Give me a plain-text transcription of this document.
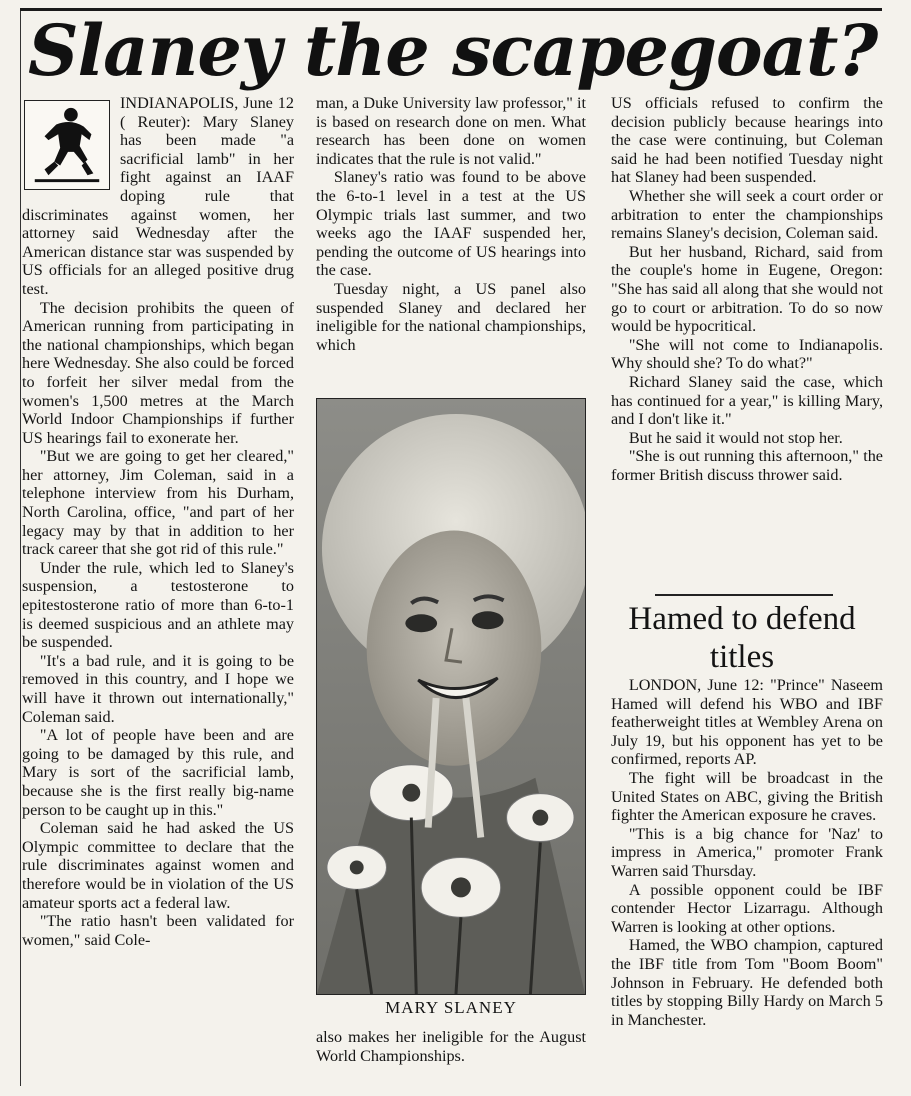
Slaney the scapegoat?

INDIANAPOLIS, June 12 ( Reuter): Mary Slaney has been made "a sacrificial lamb" in her fight against an IAAF doping rule that discriminates against women, her attorney said Wednesday after the American distance star was suspended by US officials for an alleged positive drug test.

The decision prohibits the queen of American running from participating in the national championships, which began here Wednesday. She also could be forced to forfeit her silver medal from the women's 1,500 metres at the March World Indoor Championships if further US hearings fail to exonerate her.

"But we are going to get her cleared," her attorney, Jim Coleman, said in a telephone interview from his Durham, North Carolina, office, "and part of her legacy may by that in addition to her track career that she got rid of this rule."

Under the rule, which led to Slaney's suspension, a testosterone to epitestosterone ratio of more than 6-to-1 is deemed suspicious and an athlete may be suspended.

"It's a bad rule, and it is going to be removed in this country, and I hope we will have it thrown out internationally," Coleman said.

"A lot of people have been and are going to be damaged by this rule, and Mary is sort of the sacrificial lamb, because she is the first really big-name person to be caught up in this."

Coleman said he had asked the US Olympic committee to declare that the rule discriminates against women and therefore would be in violation of the US amateur sports act a federal law.

"The ratio hasn't been validated for women," said Cole-

man, a Duke University law professor," it is based on research done on men. What research has been done on women indicates that the rule is not valid."

Slaney's ratio was found to be above the 6-to-1 level in a test at the US Olympic trials last summer, and two weeks ago the IAAF suspended her, pending the outcome of US hearings into the case.

Tuesday night, a US panel also suspended Slaney and declared her ineligible for the national championships, which

MARY SLANEY

also makes her ineligible for the August World Championships.

US officials refused to confirm the decision publicly because hearings into the case were continuing, but Coleman said he had been notified Tuesday night hat Slaney had been suspended.

Whether she will seek a court order or arbitration to enter the championships remains Slaney's decision, Coleman said.

But her husband, Richard, said from the couple's home in Eugene, Oregon: "She has said all along that she would not go to court or arbitration. To do so now would be hypocritical.

"She will not come to Indianapolis. Why should she? To do what?"

Richard Slaney said the case, which has continued for a year," is killing Mary, and I don't like it."

But he said it would not stop her.

"She is out running this afternoon," the former British discuss thrower said.

Hamed to defend titles

LONDON, June 12: "Prince" Naseem Hamed will defend his WBO and IBF featherweight titles at Wembley Arena on July 19, but his opponent has yet to be confirmed, reports AP.

The fight will be broadcast in the United States on ABC, giving the British fighter the American exposure he craves.

"This is a big chance for 'Naz' to impress in America," promoter Frank Warren said Thursday.

A possible opponent could be IBF contender Hector Lizarragu. Although Warren is looking at other options.

Hamed, the WBO champion, captured the IBF title from Tom "Boom Boom" Johnson in February. He defended both titles by stopping Billy Hardy on March 5 in Manchester.
